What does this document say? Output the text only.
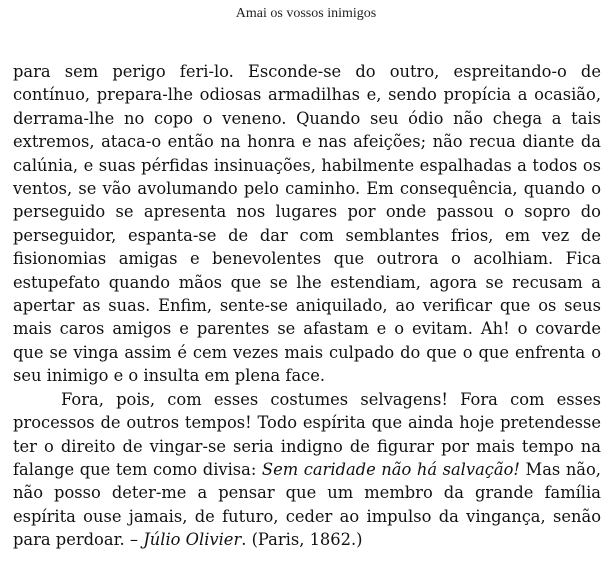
Amai os vossos inimigos

para sem perigo feri-lo. Esconde-se do outro, espreitando-o de contínuo, prepara-lhe odiosas armadilhas e, sendo propícia a ocasião, derrama-lhe no copo o veneno. Quando seu ódio não chega a tais extremos, ataca-o então na honra e nas afeições; não recua diante da calúnia, e suas pérfidas insinuações, habilmente espalhadas a todos os ventos, se vão avolumando pelo caminho. Em consequência, quando o perseguido se apresenta nos lugares por onde passou o sopro do perseguidor, espanta-se de dar com semblantes frios, em vez de fisionomias amigas e benevolentes que outrora o acolhiam. Fica estupefato quando mãos que se lhe estendiam, agora se recusam a apertar as suas. Enfim, sente-se aniquilado, ao verificar que os seus mais caros amigos e parentes se afastam e o evitam. Ah! o covarde que se vinga assim é cem vezes mais culpado do que o que enfrenta o seu inimigo e o insulta em plena face.

Fora, pois, com esses costumes selvagens! Fora com esses processos de outros tempos! Todo espírita que ainda hoje pretendesse ter o direito de vingar-se seria indigno de figurar por mais tempo na falange que tem como divisa: Sem caridade não há salvação! Mas não, não posso deter-me a pensar que um membro da grande família espírita ouse jamais, de futuro, ceder ao impulso da vingança, senão para perdoar. – Júlio Olivier. (Paris, 1862.)
